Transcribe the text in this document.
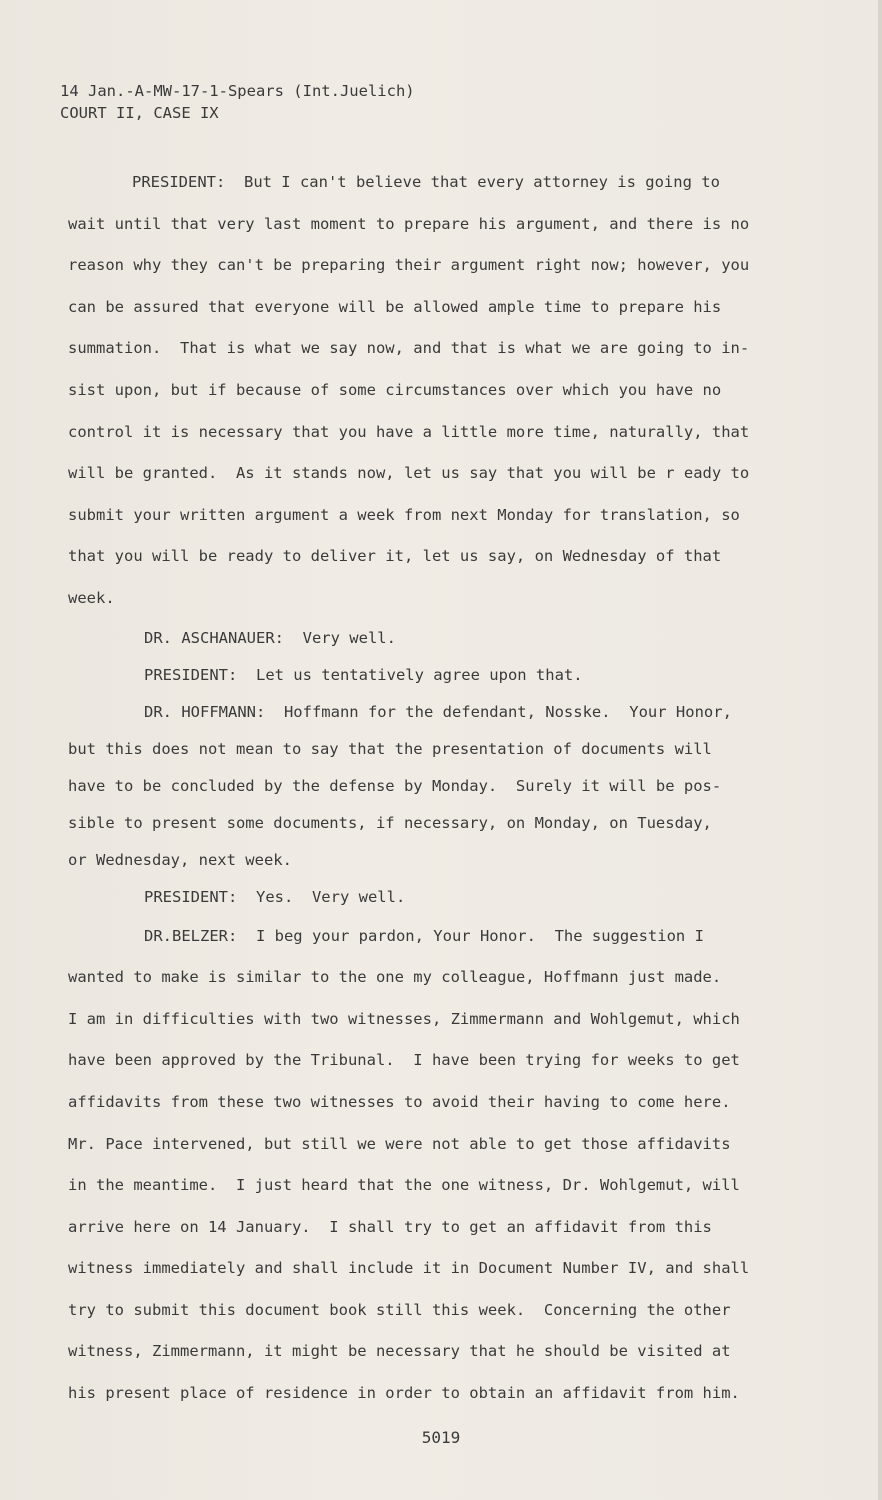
14 Jan.-A-MW-17-1-Spears (Int.Juelich)
COURT II, CASE IX
PRESIDENT:  But I can't believe that every attorney is going to
wait until that very last moment to prepare his argument, and there is no
reason why they can't be preparing their argument right now; however, you
can be assured that everyone will be allowed ample time to prepare his
summation.  That is what we say now, and that is what we are going to in-
sist upon, but if because of some circumstances over which you have no
control it is necessary that you have a little more time, naturally, that
will be granted.  As it stands now, let us say that you will be r eady to
submit your written argument a week from next Monday for translation, so
that you will be ready to deliver it, let us say, on Wednesday of that
week.
DR. ASCHANAUER:  Very well.
PRESIDENT:  Let us tentatively agree upon that.
DR. HOFFMANN:  Hoffmann for the defendant, Nosske.  Your Honor,
but this does not mean to say that the presentation of documents will
have to be concluded by the defense by Monday.  Surely it will be pos-
sible to present some documents, if necessary, on Monday, on Tuesday,
or Wednesday, next week.
PRESIDENT:  Yes.  Very well.
DR.BELZER:  I beg your pardon, Your Honor.  The suggestion I
wanted to make is similar to the one my colleague, Hoffmann just made.
I am in difficulties with two witnesses, Zimmermann and Wohlgemut, which
have been approved by the Tribunal.  I have been trying for weeks to get
affidavits from these two witnesses to avoid their having to come here.
Mr. Pace intervened, but still we were not able to get those affidavits
in the meantime.  I just heard that the one witness, Dr. Wohlgemut, will
arrive here on 14 January.  I shall try to get an affidavit from this
witness immediately and shall include it in Document Number IV, and shall
try to submit this document book still this week.  Concerning the other
witness, Zimmermann, it might be necessary that he should be visited at
his present place of residence in order to obtain an affidavit from him.
5019
